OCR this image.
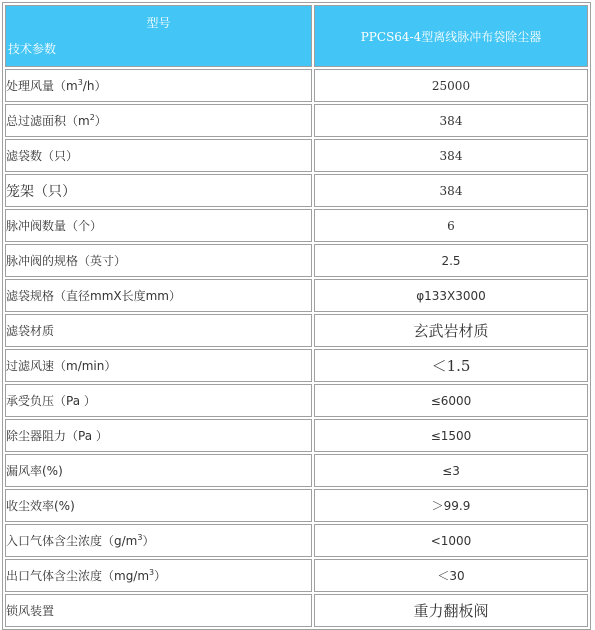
型号
技术参数	PPCS64-4型离线脉冲布袋除尘器
处理风量$(m^3/h)$	25000
总过滤面积$(m^2)$	384
滤袋数（只）	384
笼架（只）	384
脉冲阀数量（个）	6
脉冲阀的规格（英寸）	2.5
滤袋规格（直径mmX长度mm）	φ133X3000
滤袋材质	玄武岩材质
过滤风速（m/min）	＜1.5
承受负压（Pa ）	≤6000
除尘器阻力（Pa ）	≤1500
漏风率(%)	≤3
收尘效率(%)	＞99.9
入口气体含尘浓度$(g/m^3)$	<1000
出口气体含尘浓度$(mg/m^3)$	＜30
锁风装置	重力翻板阀
